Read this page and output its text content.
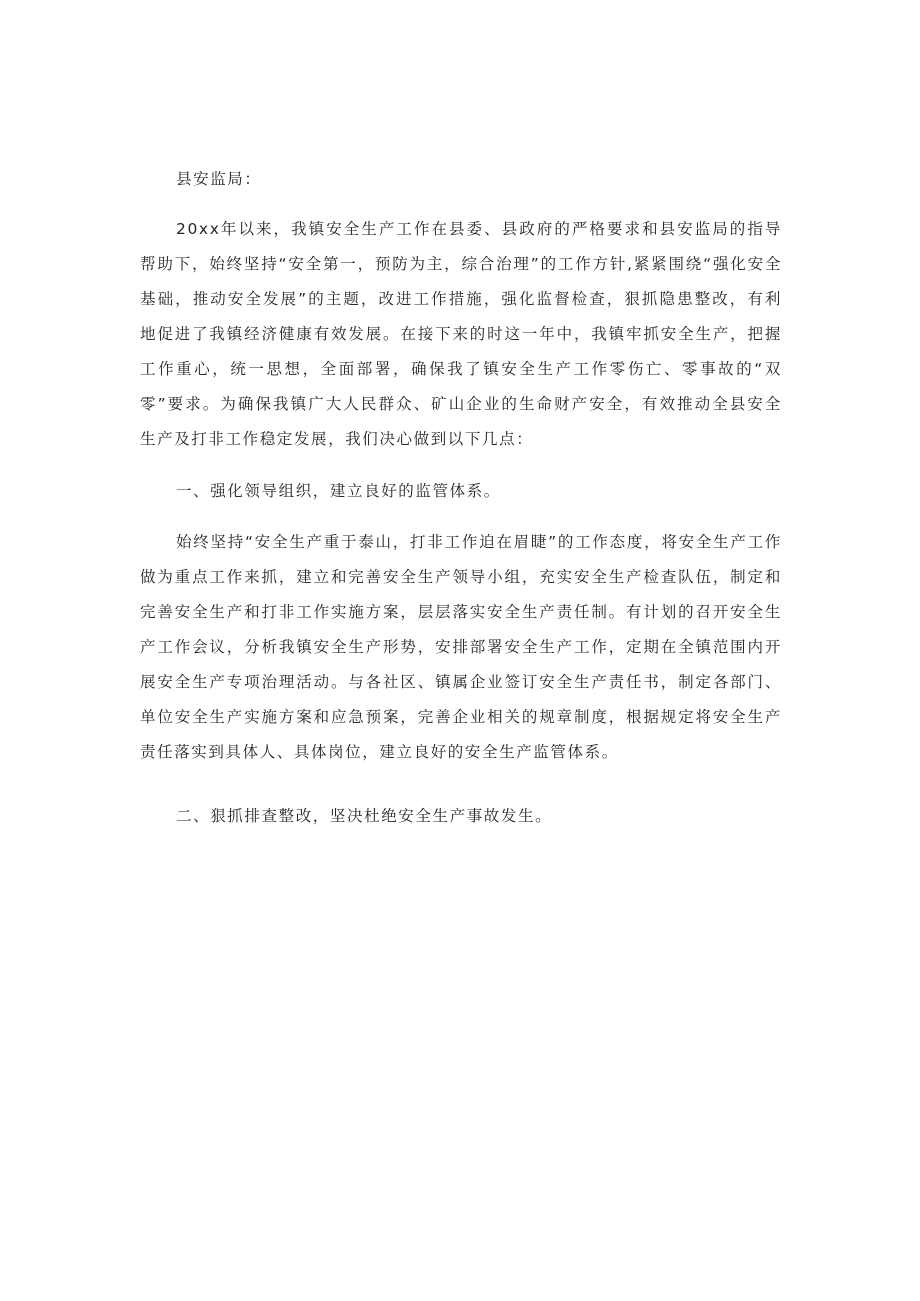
县安监局：

20xx年以来，我镇安全生产工作在县委、县政府的严格要求和县安监局的指导帮助下，始终坚持“安全第一，预防为主，综合治理”的工作方针,紧紧围绕“强化安全基础，推动安全发展”的主题，改进工作措施，强化监督检查，狠抓隐患整改，有利地促进了我镇经济健康有效发展。在接下来的时这一年中，我镇牢抓安全生产，把握工作重心，统一思想，全面部署，确保我了镇安全生产工作零伤亡、零事故的“双零”要求。为确保我镇广大人民群众、矿山企业的生命财产安全，有效推动全县安全生产及打非工作稳定发展，我们决心做到以下几点：

一、强化领导组织，建立良好的监管体系。

始终坚持“安全生产重于泰山，打非工作迫在眉睫”的工作态度，将安全生产工作做为重点工作来抓，建立和完善安全生产领导小组，充实安全生产检查队伍，制定和完善安全生产和打非工作实施方案，层层落实安全生产责任制。有计划的召开安全生产工作会议，分析我镇安全生产形势，安排部署安全生产工作，定期在全镇范围内开展安全生产专项治理活动。与各社区、镇属企业签订安全生产责任书，制定各部门、单位安全生产实施方案和应急预案，完善企业相关的规章制度，根据规定将安全生产责任落实到具体人、具体岗位，建立良好的安全生产监管体系。

二、狠抓排查整改，坚决杜绝安全生产事故发生。
